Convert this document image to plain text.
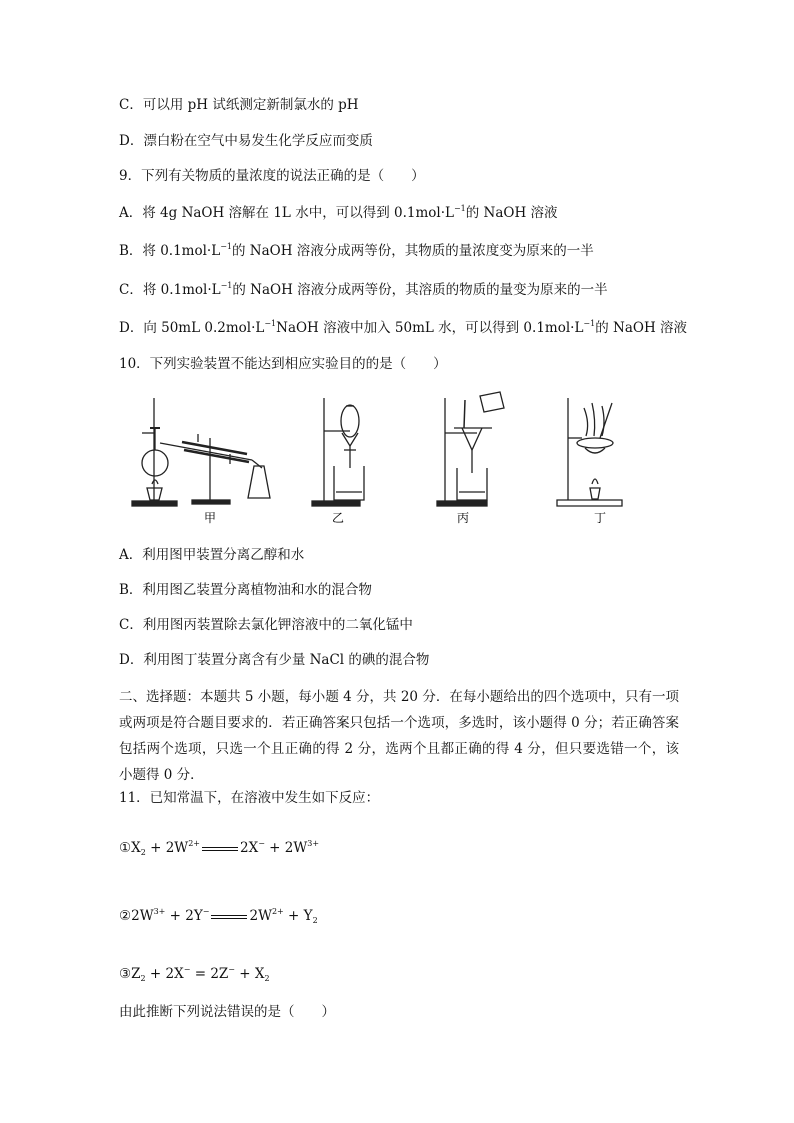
C．可以用 pH 试纸测定新制氯水的 pH
D．漂白粉在空气中易发生化学反应而变质
9．下列有关物质的量浓度的说法正确的是（　　）
A．将 4g NaOH 溶解在 1L 水中，可以得到 $0.1mol\cdot L^{-1}$的 NaOH 溶液
B．将 $0.1mol\cdot L^{-1}$的 NaOH 溶液分成两等份，其物质的量浓度变为原来的一半
C．将 $0.1mol\cdot L^{-1}$的 NaOH 溶液分成两等份，其溶质的物质的量变为原来的一半
D．向 50mL $0.2mol\cdot L^{-1}NaOH$ 溶液中加入 50mL 水，可以得到 $0.1mol\cdot L^{-1}$的 NaOH 溶液
10．下列实验装置不能达到相应实验目的的是（　　）
甲	乙	丙	丁
A．利用图甲装置分离乙醇和水
B．利用图乙装置分离植物油和水的混合物
C．利用图丙装置除去氯化钾溶液中的二氧化锰中
D．利用图丁装置分离含有少量 NaCl 的碘的混合物
二、选择题：本题共 5 小题，每小题 4 分，共 20 分．在每小题给出的四个选项中，只有一项或两项是符合题目要求的．若正确答案只包括一个选项，多选时，该小题得 0 分；若正确答案包括两个选项，只选一个且正确的得 2 分，选两个且都正确的得 4 分，但只要选错一个，该小题得 0 分．
11．已知常温下，在溶液中发生如下反应：
$①X_2 + 2W^{2+}$	$2X^- + 2W^{3+}$
$②2W^{3+} + 2Y^-$	$2W^{2+} + Y_2$
$③Z_2 + 2X^- = 2Z^- + X_2$
由此推断下列说法错误的是（　　）
